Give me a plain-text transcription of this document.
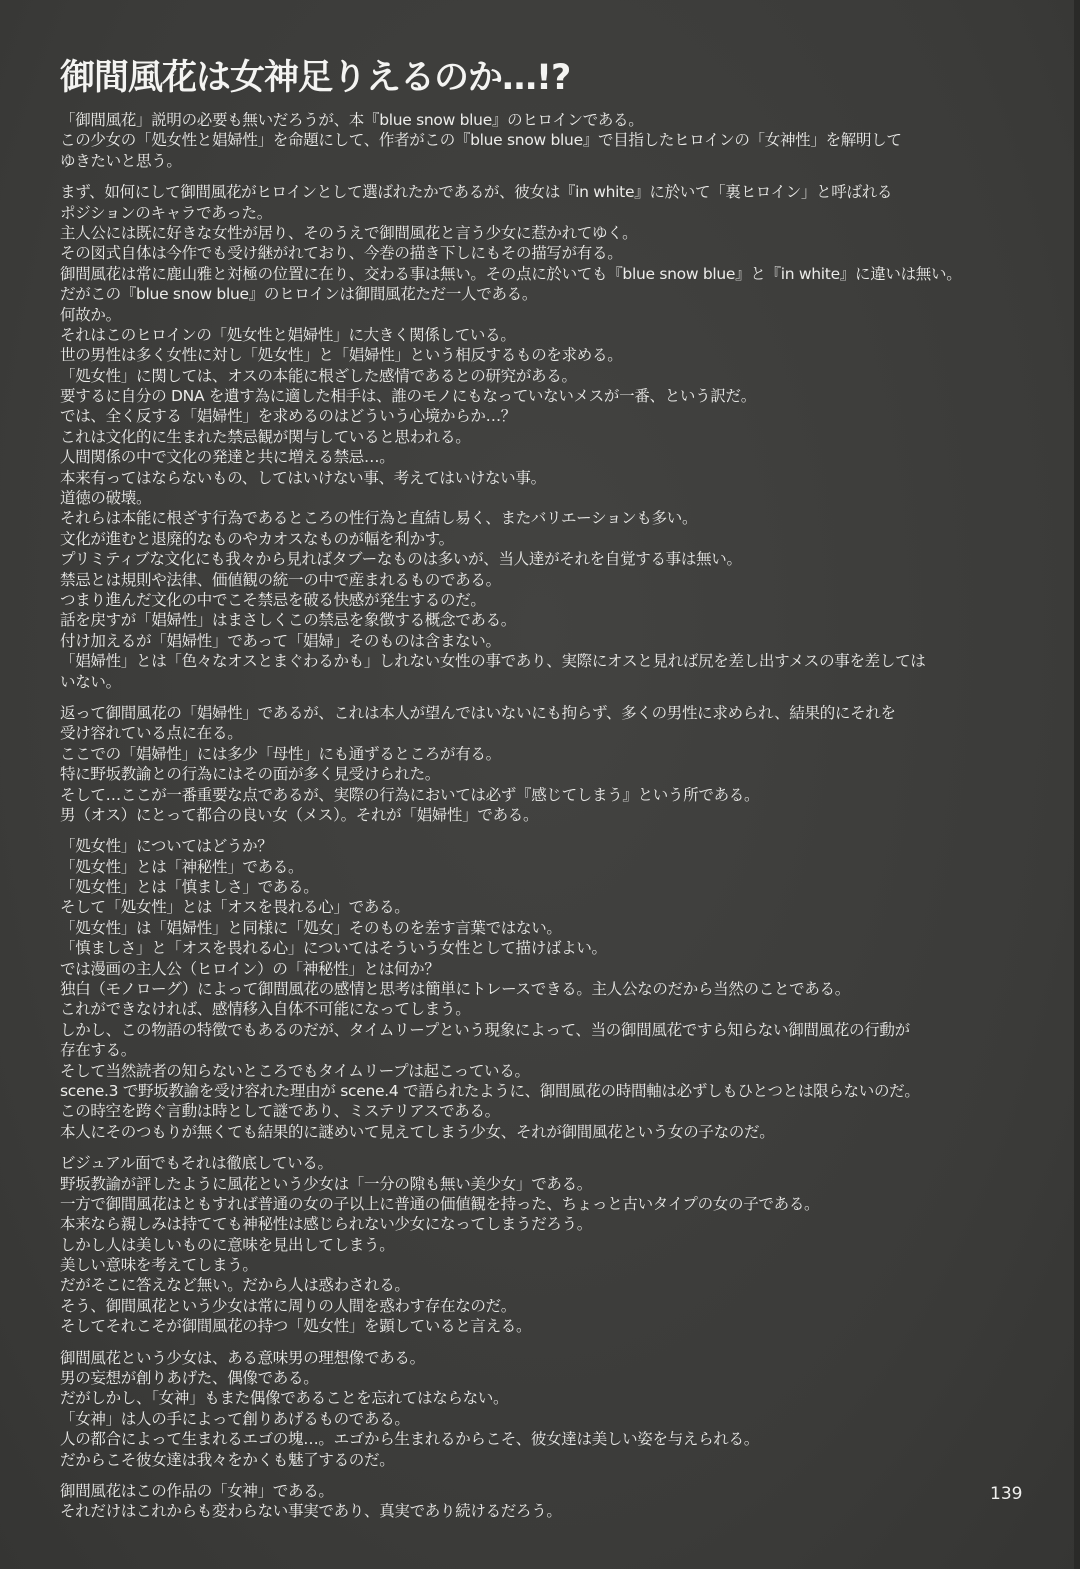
御間風花は女神足りえるのか…!?
「御間風花」説明の必要も無いだろうが、本『blue snow blue』のヒロインである。
この少女の「処女性と娼婦性」を命題にして、作者がこの『blue snow blue』で目指したヒロインの「女神性」を解明して
ゆきたいと思う。
まず、如何にして御間風花がヒロインとして選ばれたかであるが、彼女は『in white』に於いて「裏ヒロイン」と呼ばれる
ポジションのキャラであった。
主人公には既に好きな女性が居り、そのうえで御間風花と言う少女に惹かれてゆく。
その図式自体は今作でも受け継がれており、今巻の描き下しにもその描写が有る。
御間風花は常に鹿山雅と対極の位置に在り、交わる事は無い。その点に於いても『blue snow blue』と『in white』に違いは無い。
だがこの『blue snow blue』のヒロインは御間風花ただ一人である。
何故か。
それはこのヒロインの「処女性と娼婦性」に大きく関係している。
世の男性は多く女性に対し「処女性」と「娼婦性」という相反するものを求める。
「処女性」に関しては、オスの本能に根ざした感情であるとの研究がある。
要するに自分の DNA を遺す為に適した相手は、誰のモノにもなっていないメスが一番、という訳だ。
では、全く反する「娼婦性」を求めるのはどういう心境からか…？
これは文化的に生まれた禁忌観が関与していると思われる。
人間関係の中で文化の発達と共に増える禁忌…。
本来有ってはならないもの、してはいけない事、考えてはいけない事。
道徳の破壊。
それらは本能に根ざす行為であるところの性行為と直結し易く、またバリエーションも多い。
文化が進むと退廃的なものやカオスなものが幅を利かす。
プリミティブな文化にも我々から見ればタブーなものは多いが、当人達がそれを自覚する事は無い。
禁忌とは規則や法律、価値観の統一の中で産まれるものである。
つまり進んだ文化の中でこそ禁忌を破る快感が発生するのだ。
話を戻すが「娼婦性」はまさしくこの禁忌を象徴する概念である。
付け加えるが「娼婦性」であって「娼婦」そのものは含まない。
「娼婦性」とは「色々なオスとまぐわるかも」しれない女性の事であり、実際にオスと見れば尻を差し出すメスの事を差しては
いない。
返って御間風花の「娼婦性」であるが、これは本人が望んではいないにも拘らず、多くの男性に求められ、結果的にそれを
受け容れている点に在る。
ここでの「娼婦性」には多少「母性」にも通ずるところが有る。
特に野坂教諭との行為にはその面が多く見受けられた。
そして…ここが一番重要な点であるが、実際の行為においては必ず『感じてしまう』という所である。
男（オス）にとって都合の良い女（メス）。それが「娼婦性」である。
「処女性」についてはどうか？
「処女性」とは「神秘性」である。
「処女性」とは「慎ましさ」である。
そして「処女性」とは「オスを畏れる心」である。
「処女性」は「娼婦性」と同様に「処女」そのものを差す言葉ではない。
「慎ましさ」と「オスを畏れる心」についてはそういう女性として描けばよい。
では漫画の主人公（ヒロイン）の「神秘性」とは何か？
独白（モノローグ）によって御間風花の感情と思考は簡単にトレースできる。主人公なのだから当然のことである。
これができなければ、感情移入自体不可能になってしまう。
しかし、この物語の特徴でもあるのだが、タイムリープという現象によって、当の御間風花ですら知らない御間風花の行動が
存在する。
そして当然読者の知らないところでもタイムリープは起こっている。
scene.3 で野坂教諭を受け容れた理由が scene.4 で語られたように、御間風花の時間軸は必ずしもひとつとは限らないのだ。
この時空を跨ぐ言動は時として謎であり、ミステリアスである。
本人にそのつもりが無くても結果的に謎めいて見えてしまう少女、それが御間風花という女の子なのだ。
ビジュアル面でもそれは徹底している。
野坂教諭が評したように風花という少女は「一分の隙も無い美少女」である。
一方で御間風花はともすれば普通の女の子以上に普通の価値観を持った、ちょっと古いタイプの女の子である。
本来なら親しみは持てても神秘性は感じられない少女になってしまうだろう。
しかし人は美しいものに意味を見出してしまう。
美しい意味を考えてしまう。
だがそこに答えなど無い。だから人は惑わされる。
そう、御間風花という少女は常に周りの人間を惑わす存在なのだ。
そしてそれこそが御間風花の持つ「処女性」を顕していると言える。
御間風花という少女は、ある意味男の理想像である。
男の妄想が創りあげた、偶像である。
だがしかし、「女神」もまた偶像であることを忘れてはならない。
「女神」は人の手によって創りあげるものである。
人の都合によって生まれるエゴの塊…。エゴから生まれるからこそ、彼女達は美しい姿を与えられる。
だからこそ彼女達は我々をかくも魅了するのだ。
御間風花はこの作品の「女神」である。
それだけはこれからも変わらない事実であり、真実であり続けるだろう。
139
